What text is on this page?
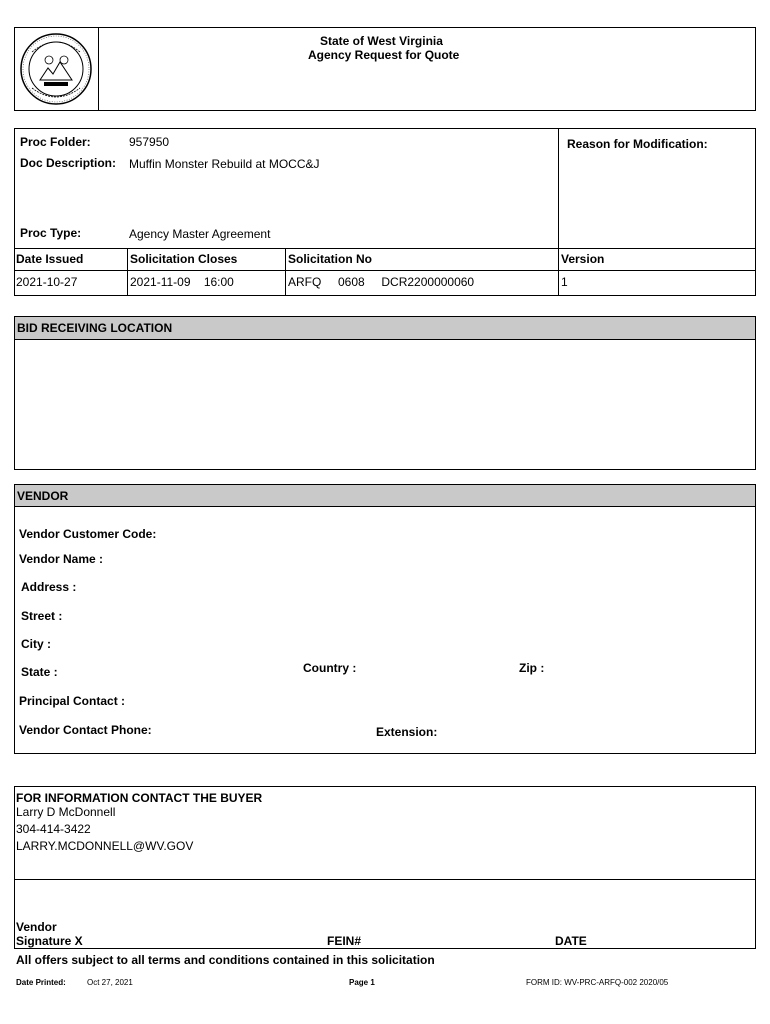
State of West Virginia
Agency Request for Quote
Proc Folder:	957950
Doc Description: Muffin Monster Rebuild at MOCC&J
Reason for Modification:
Proc Type:	Agency Master Agreement
Date Issued	Solicitation Closes	Solicitation No	Version
2021-10-27	2021-11-09    16:00	ARFQ     0608     DCR2200000060	1
BID RECEIVING LOCATION
VENDOR
Vendor Customer Code:
Vendor Name :
Address :
Street :
City :
State :	Country :	Zip :
Principal Contact :
Vendor Contact Phone:	Extension:
FOR INFORMATION CONTACT THE BUYER
Larry D McDonnell
304-414-3422
LARRY.MCDONNELL@WV.GOV
Vendor
Signature X	FEIN#	DATE
All offers subject to all terms and conditions contained in this solicitation
Date Printed:	Oct 27, 2021	Page 1	FORM ID: WV-PRC-ARFQ-002 2020/05
